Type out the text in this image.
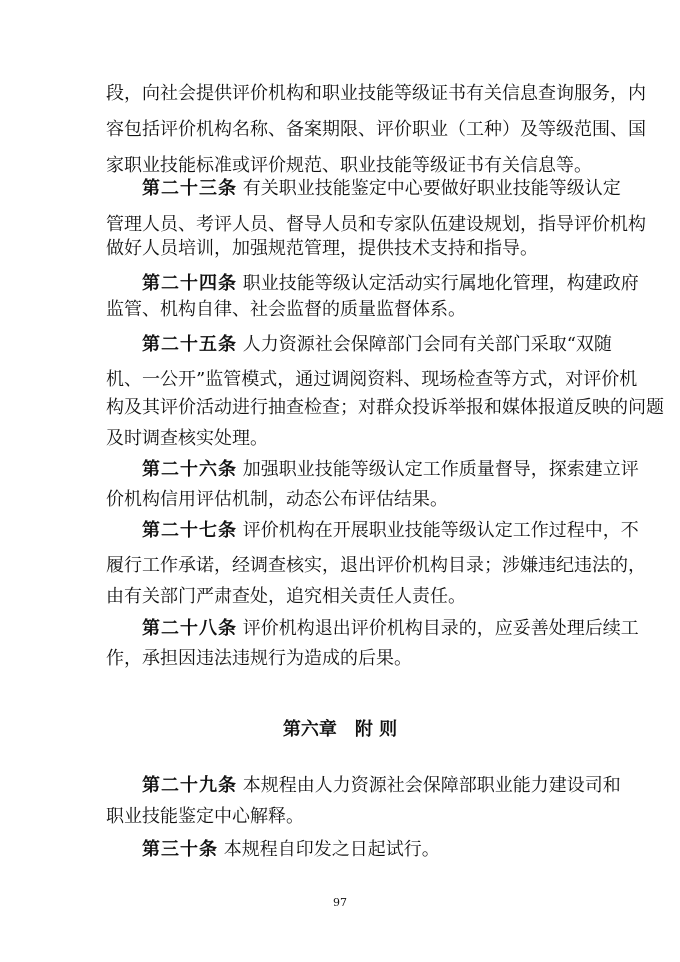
段，向社会提供评价机构和职业技能等级证书有关信息查询服务，内
容包括评价机构名称、备案期限、评价职业（工种）及等级范围、国
家职业技能标准或评价规范、职业技能等级证书有关信息等。
第二十三条 有关职业技能鉴定中心要做好职业技能等级认定
管理人员、考评人员、督导人员和专家队伍建设规划，指导评价机构
做好人员培训，加强规范管理，提供技术支持和指导。
第二十四条 职业技能等级认定活动实行属地化管理，构建政府
监管、机构自律、社会监督的质量监督体系。
第二十五条 人力资源社会保障部门会同有关部门采取“双随
机、一公开”监管模式，通过调阅资料、现场检查等方式，对评价机
构及其评价活动进行抽查检查；对群众投诉举报和媒体报道反映的问题
及时调查核实处理。
第二十六条 加强职业技能等级认定工作质量督导，探索建立评
价机构信用评估机制，动态公布评估结果。
第二十七条 评价机构在开展职业技能等级认定工作过程中，不
履行工作承诺，经调查核实，退出评价机构目录；涉嫌违纪违法的，
由有关部门严肃查处，追究相关责任人责任。
第二十八条 评价机构退出评价机构目录的，应妥善处理后续工
作，承担因违法违规行为造成的后果。
第六章　附 则
第二十九条 本规程由人力资源社会保障部职业能力建设司和
职业技能鉴定中心解释。
第三十条 本规程自印发之日起试行。
97
